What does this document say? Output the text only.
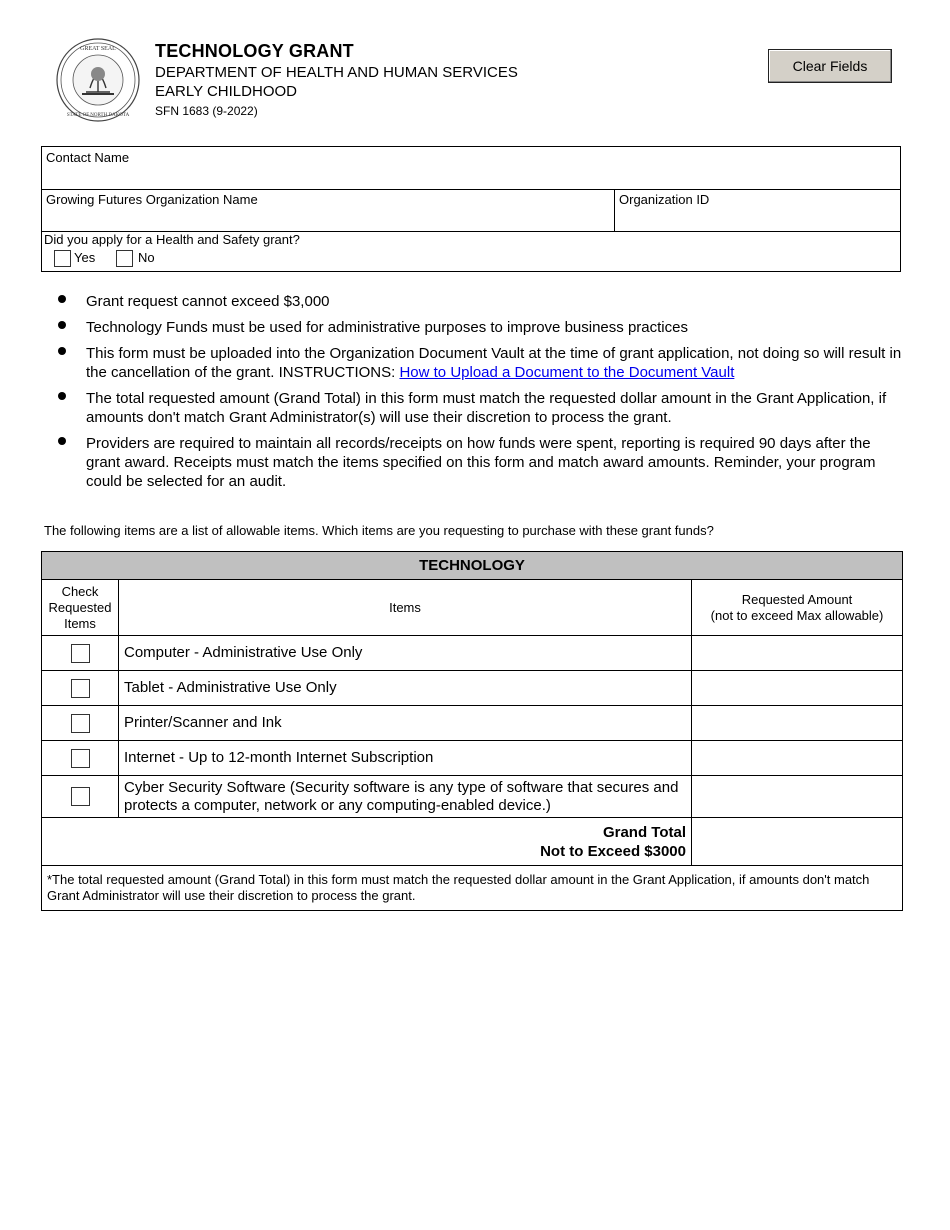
GREAT SEAL
STATE OF NORTH DAKOTA
TECHNOLOGY GRANT
DEPARTMENT OF HEALTH AND HUMAN SERVICES
EARLY CHILDHOOD
SFN 1683 (9-2022)
Clear Fields
Contact Name
Growing Futures Organization Name	Organization ID
Did you apply for a Health and Safety grant?
Yes	No
Grant request cannot exceed $3,000
Technology Funds must be used for administrative purposes to improve business practices
This form must be uploaded into the Organization Document Vault at the time of grant application, not doing so will result in the cancellation of the grant. INSTRUCTIONS: How to Upload a Document to the Document Vault
The total requested amount (Grand Total) in this form must match the requested dollar amount in the Grant Application, if amounts don't match Grant Administrator(s) will use their discretion to process the grant.
Providers are required to maintain all records/receipts on how funds were spent, reporting is required 90 days after the grant award. Receipts must match the items specified on this form and match award amounts. Reminder, your program could be selected for an audit.
The following items are a list of allowable items. Which items are you requesting to purchase with these grant funds?
TECHNOLOGY		
Check Requested Items	Items	Requested Amount
(not to exceed Max allowable)
	Computer - Administrative Use Only	
	Tablet - Administrative Use Only	
	Printer/Scanner and Ink	
	Internet - Up to 12-month Internet Subscription	
	Cyber Security Software (Security software is any type of software that secures and protects a computer, network or any computing-enabled device.)	
Grand Total
Not to Exceed $3000	
*The total requested amount (Grand Total) in this form must match the requested dollar amount in the Grant Application, if amounts don't match Grant Administrator will use their discretion to process the grant.		
